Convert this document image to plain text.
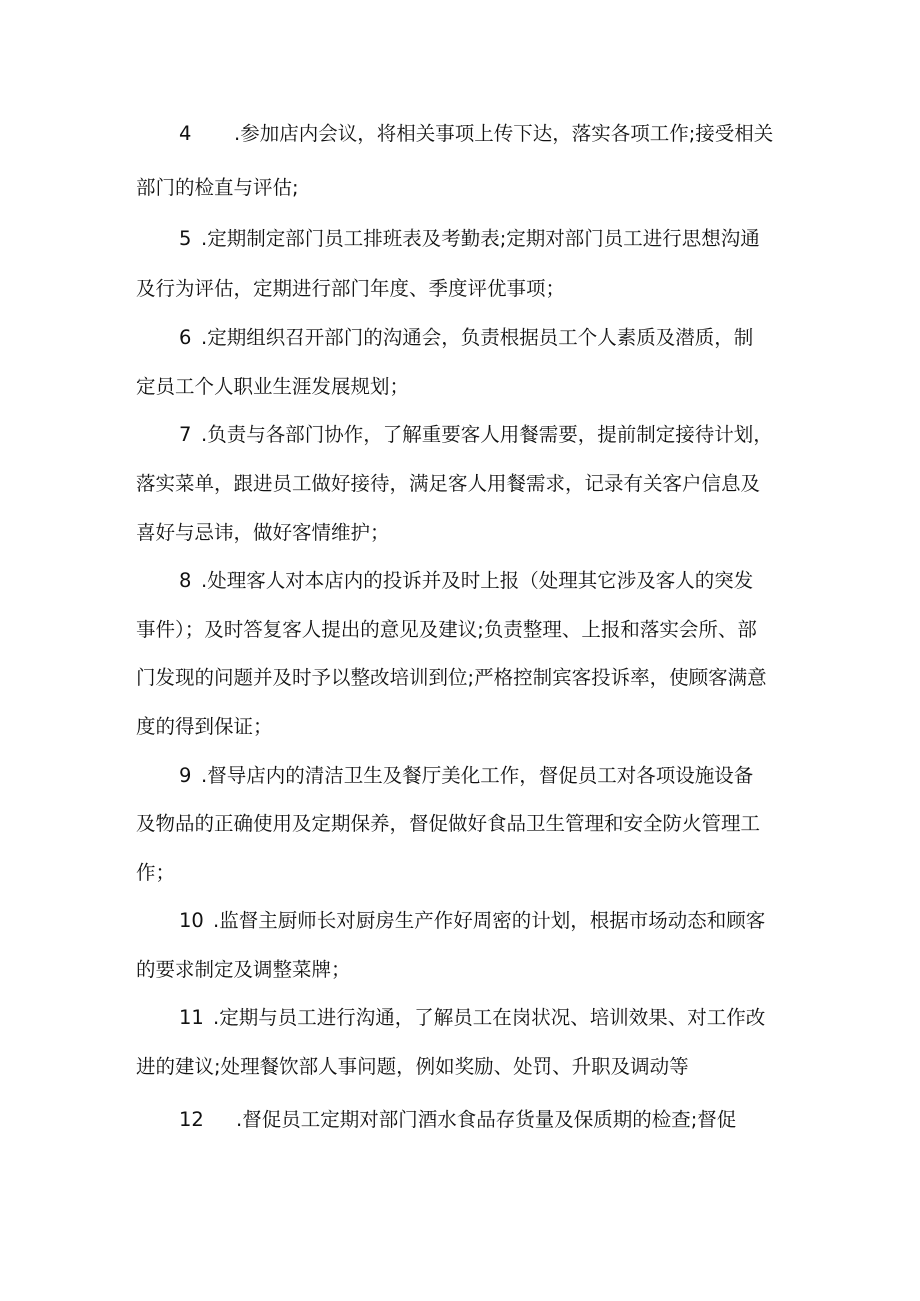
4 .参加店内会议，将相关事项上传下达，落实各项工作;接受相关
部门的检直与评估;
5 .定期制定部门员工排班表及考勤表;定期对部门员工进行思想沟通
及行为评估，定期进行部门年度、季度评优事项；
6 .定期组织召开部门的沟通会，负责根据员工个人素质及潜质，制
定员工个人职业生涯发展规划；
7 .负责与各部门协作，了解重要客人用餐需要，提前制定接待计划，
落实菜单，跟进员工做好接待，满足客人用餐需求，记录有关客户信息及
喜好与忌讳，做好客情维护；
8 .处理客人对本店内的投诉并及时上报（处理其它涉及客人的突发
事件）；及时答复客人提出的意见及建议;负责整理、上报和落实会所、部
门发现的问题并及时予以整改培训到位;严格控制宾客投诉率，使顾客满意
度的得到保证；
9 .督导店内的清洁卫生及餐厅美化工作，督促员工对各项设施设备
及物品的正确使用及定期保养，督促做好食品卫生管理和安全防火管理工
作；
10 .监督主厨师长对厨房生产作好周密的计划，根据市场动态和顾客
的要求制定及调整菜牌；
11 .定期与员工进行沟通，了解员工在岗状况、培训效果、对工作改
进的建议;处理餐饮部人事问题，例如奖励、处罚、升职及调动等
12 .督促员工定期对部门酒水食品存货量及保质期的检查;督促
